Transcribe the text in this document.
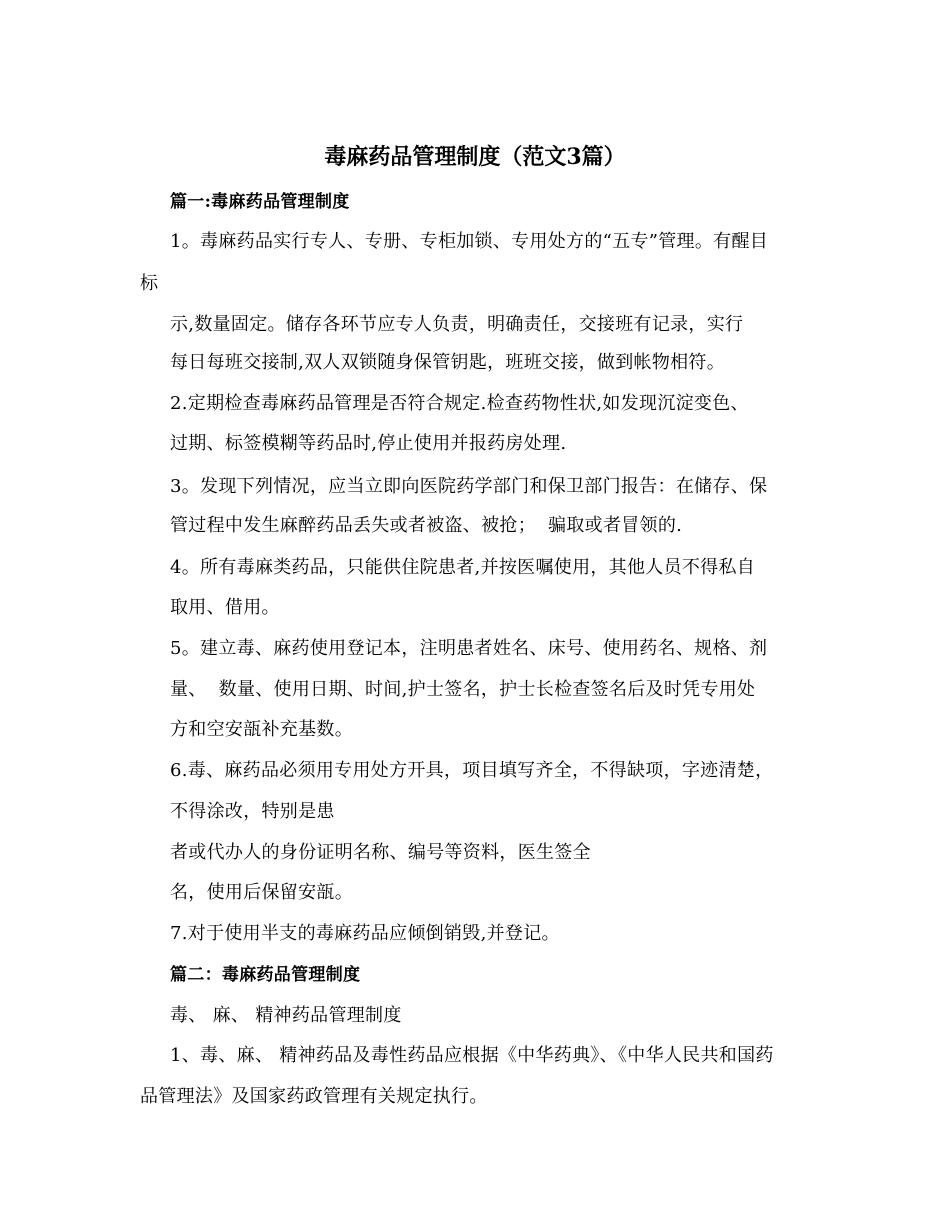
毒麻药品管理制度（范文3篇）
篇一:毒麻药品管理制度
1。毒麻药品实行专人、专册、专柜加锁、专用处方的“五专”管理。有醒目
标
示,数量固定。储存各环节应专人负责，明确责任，交接班有记录，实行
每日每班交接制,双人双锁随身保管钥匙，班班交接，做到帐物相符。
2.定期检查毒麻药品管理是否符合规定.检查药物性状,如发现沉淀变色、
过期、标签模糊等药品时,停止使用并报药房处理.
3。发现下列情况，应当立即向医院药学部门和保卫部门报告：在储存、保
管过程中发生麻醉药品丢失或者被盗、被抢；  骗取或者冒领的.
4。所有毒麻类药品，只能供住院患者,并按医嘱使用，其他人员不得私自
取用、借用。
5。建立毒、麻药使用登记本，注明患者姓名、床号、使用药名、规格、剂
量、  数量、使用日期、时间,护士签名，护士长检查签名后及时凭专用处
方和空安瓿补充基数。
6.毒、麻药品必须用专用处方开具，项目填写齐全，不得缺项，字迹清楚，
不得涂改，特别是患
者或代办人的身份证明名称、编号等资料，医生签全
名，使用后保留安瓿。
7.对于使用半支的毒麻药品应倾倒销毁,并登记。
篇二：毒麻药品管理制度
毒、 麻、 精神药品管理制度
1、毒、麻、 精神药品及毒性药品应根据《中华药典》、《中华人民共和国药
品管理法》及国家药政管理有关规定执行。
